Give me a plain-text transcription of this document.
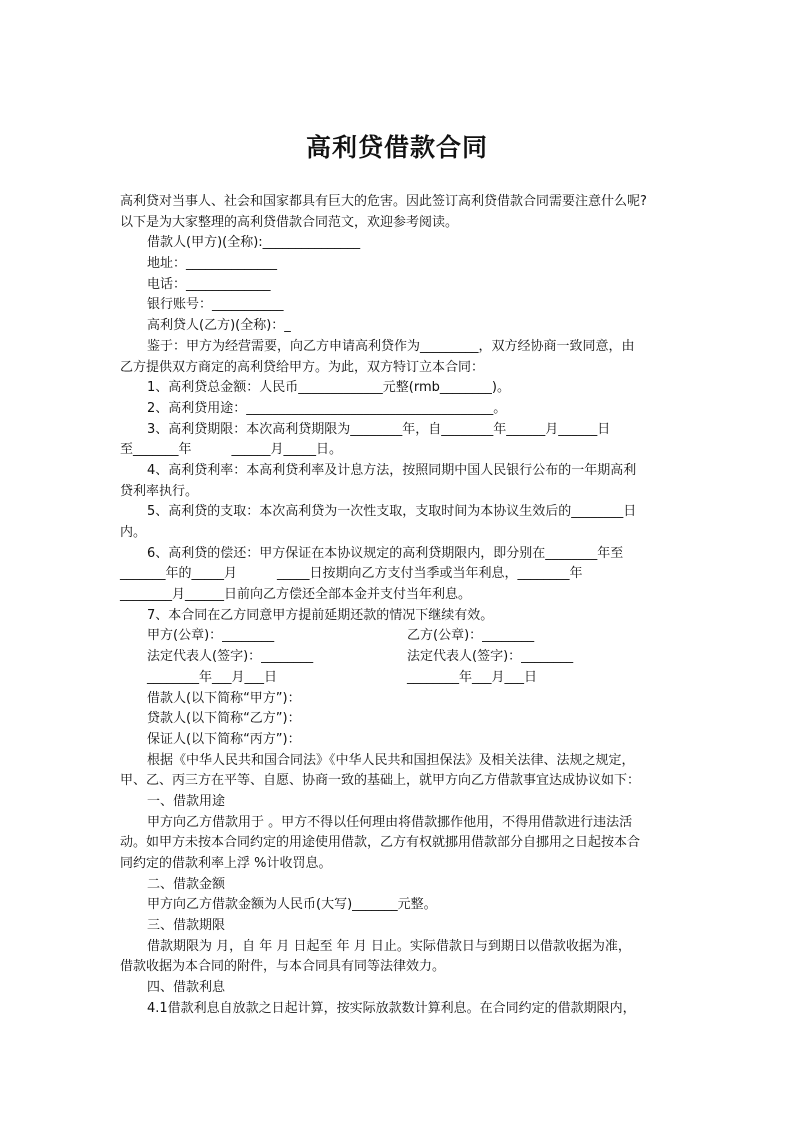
高利贷借款合同
高利贷对当事人、社会和国家都具有巨大的危害。因此签订高利贷借款合同需要注意什么呢?
以下是为大家整理的高利贷借款合同范文，欢迎参考阅读。
借款人(甲方)(全称):_______________
地址：______________
电话：_____________
银行账号：___________
高利贷人(乙方)(全称)：_
鉴于：甲方为经营需要，向乙方申请高利贷作为_________，双方经协商一致同意，由
乙方提供双方商定的高利贷给甲方。为此，双方特订立本合同：
1、高利贷总金额：人民币_____________元整(rmb________)。
2、高利贷用途：______________________________________。
3、高利贷期限：本次高利贷期限为________年，自________年______月______日
至_______年	______月_____日。
4、高利贷利率：本高利贷利率及计息方法，按照同期中国人民银行公布的一年期高利
贷利率执行。
5、高利贷的支取：本次高利贷为一次性支取，支取时间为本协议生效后的________日
内。
6、高利贷的偿还：甲方保证在本协议规定的高利贷期限内，即分别在________年至
_______年的_____月	_____日按期向乙方支付当季或当年利息，________年
________月______日前向乙方偿还全部本金并支付当年利息。
7、本合同在乙方同意甲方提前延期还款的情况下继续有效。
甲方(公章)：________	乙方(公章)：________
法定代表人(签字)：________	法定代表人(签字)：________
________年___月___日	________年___月___日
借款人(以下简称“甲方”)：
贷款人(以下简称“乙方”)：
保证人(以下简称“丙方”)：
根据《中华人民共和国合同法》《中华人民共和国担保法》及相关法律、法规之规定，
甲、乙、丙三方在平等、自愿、协商一致的基础上，就甲方向乙方借款事宜达成协议如下：
一、借款用途
甲方向乙方借款用于 。甲方不得以任何理由将借款挪作他用，不得用借款进行违法活
动。如甲方未按本合同约定的用途使用借款，乙方有权就挪用借款部分自挪用之日起按本合
同约定的借款利率上浮 %计收罚息。
二、借款金额
甲方向乙方借款金额为人民币(大写)_______元整。
三、借款期限
借款期限为 月，自 年 月 日起至 年 月 日止。实际借款日与到期日以借款收据为准，
借款收据为本合同的附件，与本合同具有同等法律效力。
四、借款利息
4.1借款利息自放款之日起计算，按实际放款数计算利息。在合同约定的借款期限内，
